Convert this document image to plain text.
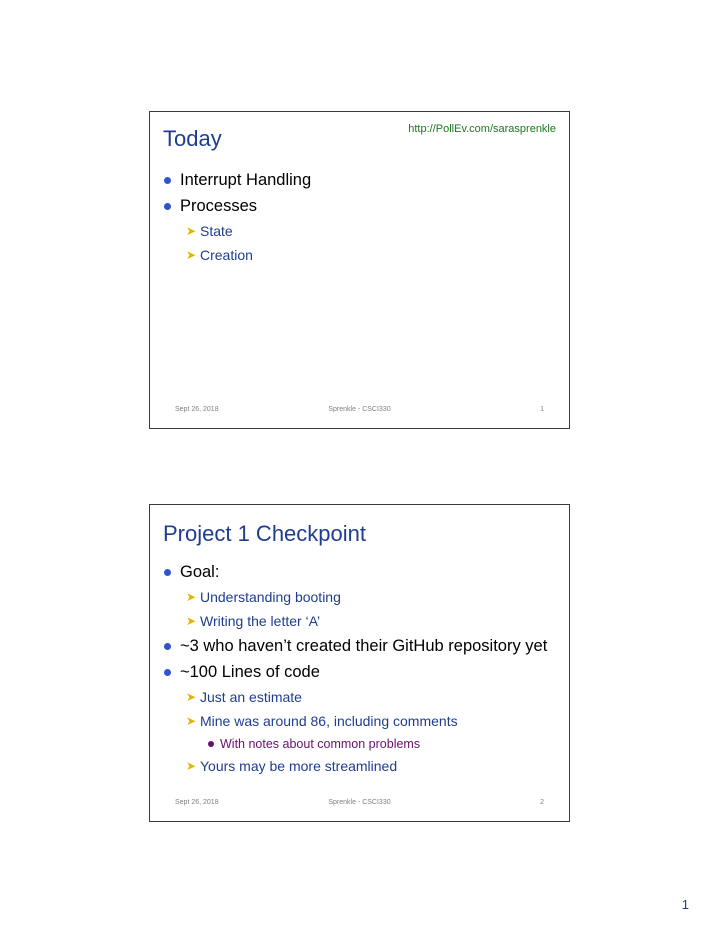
http://PollEv.com/sarasprenkle
Today
Interrupt Handling
Processes
➤ State
➤ Creation
Sept 26, 2018	Sprenkle - CSCI330	1
Project 1 Checkpoint
Goal:
➤ Understanding booting
➤ Writing the letter ‘A’
~3 who haven’t created their GitHub repository yet
~100 Lines of code
➤ Just an estimate
➤ Mine was around 86, including comments
With notes about common problems
➤ Yours may be more streamlined
Sept 26, 2018	Sprenkle - CSCI330	2
1
